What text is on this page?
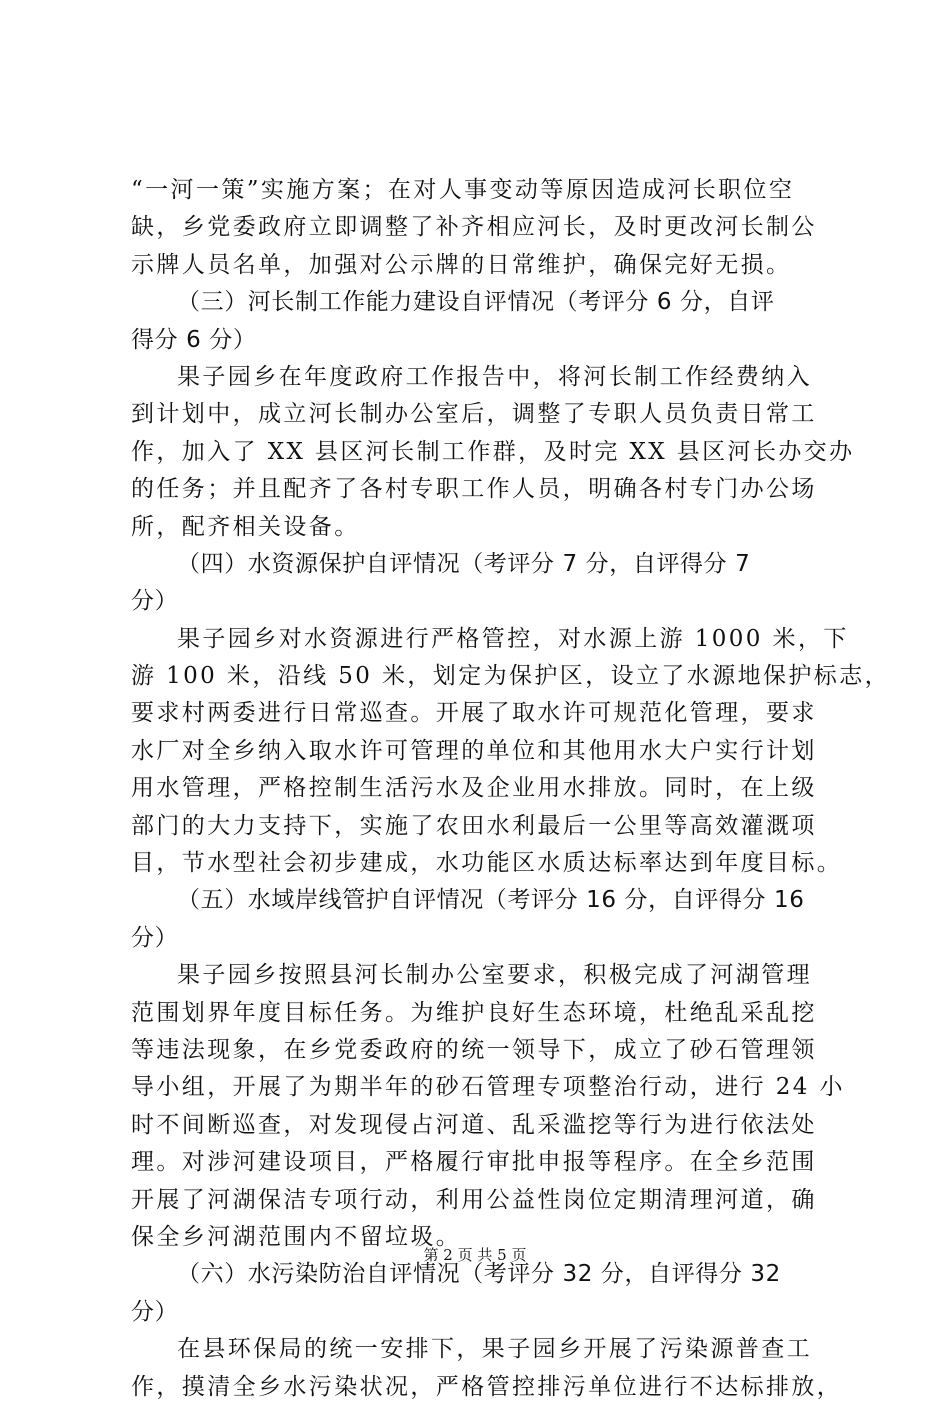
“一河一策”实施方案；在对人事变动等原因造成河长职位空
缺，乡党委政府立即调整了补齐相应河长，及时更改河长制公
示牌人员名单，加强对公示牌的日常维护，确保完好无损。
（三）河长制工作能力建设自评情况（考评分 6 分，自评
得分 6 分）
果子园乡在年度政府工作报告中，将河长制工作经费纳入
到计划中，成立河长制办公室后，调整了专职人员负责日常工
作，加入了 XX 县区河长制工作群，及时完 XX 县区河长办交办
的任务；并且配齐了各村专职工作人员，明确各村专门办公场
所，配齐相关设备。
（四）水资源保护自评情况（考评分 7 分，自评得分 7
分）
果子园乡对水资源进行严格管控，对水源上游 1000 米，下
游 100 米，沿线 50 米，划定为保护区，设立了水源地保护标志，
要求村两委进行日常巡查。开展了取水许可规范化管理，要求
水厂对全乡纳入取水许可管理的单位和其他用水大户实行计划
用水管理，严格控制生活污水及企业用水排放。同时，在上级
部门的大力支持下，实施了农田水利最后一公里等高效灌溉项
目，节水型社会初步建成，水功能区水质达标率达到年度目标。
（五）水域岸线管护自评情况（考评分 16 分，自评得分 16
分）
果子园乡按照县河长制办公室要求，积极完成了河湖管理
范围划界年度目标任务。为维护良好生态环境，杜绝乱采乱挖
等违法现象，在乡党委政府的统一领导下，成立了砂石管理领
导小组，开展了为期半年的砂石管理专项整治行动，进行 24 小
时不间断巡查，对发现侵占河道、乱采滥挖等行为进行依法处
理。对涉河建设项目，严格履行审批申报等程序。在全乡范围
开展了河湖保洁专项行动，利用公益性岗位定期清理河道，确
保全乡河湖范围内不留垃圾。
（六）水污染防治自评情况（考评分 32 分，自评得分 32
分）
在县环保局的统一安排下，果子园乡开展了污染源普查工
作，摸清全乡水污染状况，严格管控排污单位进行不达标排放，
第 2 页 共 5 页
